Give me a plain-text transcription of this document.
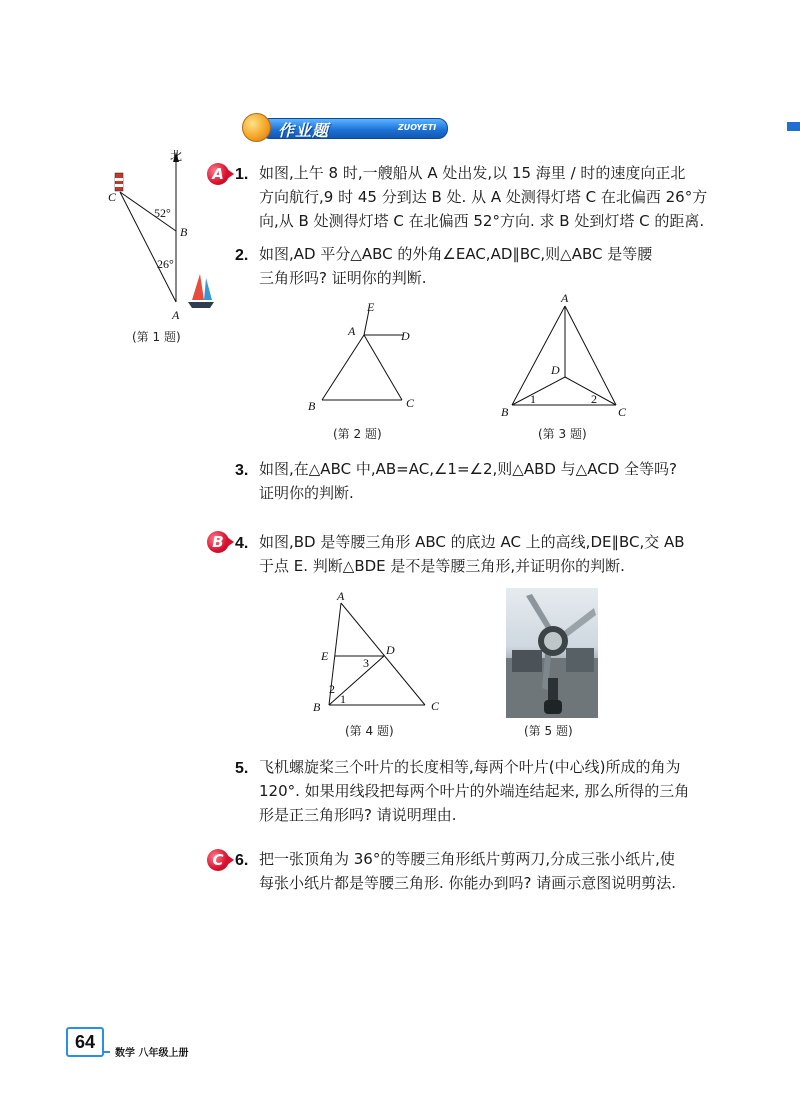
作业题	ZUOYETI
北
C
B
52°
26°
A
(第 1 题)
A 1. 如图,上午 8 时,一艘船从 A 处出发,以 15 海里 / 时的速度向正北
方向航行,9 时 45 分到达 B 处. 从 A 处测得灯塔 C 在北偏西 26°方
向,从 B 处测得灯塔 C 在北偏西 52°方向. 求 B 处到灯塔 C 的距离.
2. 如图,AD 平分△ABC 的外角∠EAC,AD∥BC,则△ABC 是等腰
三角形吗? 证明你的判断.
E
A	D
B	C
(第 2 题)
A
D
B	C
1	2
(第 3 题)
3. 如图,在△ABC 中,AB=AC,∠1=∠2,则△ABD 与△ACD 全等吗?
证明你的判断.
B 4. 如图,BD 是等腰三角形 ABC 的底边 AC 上的高线,DE∥BC,交 AB
于点 E. 判断△BDE 是不是等腰三角形,并证明你的判断.
A
E	D
B	C
1
2
3
(第 4 题)	(第 5 题)
5. 飞机螺旋桨三个叶片的长度相等,每两个叶片(中心线)所成的角为
120°. 如果用线段把每两个叶片的外端连结起来, 那么所得的三角
形是正三角形吗? 请说明理由.
C 6. 把一张顶角为 36°的等腰三角形纸片剪两刀,分成三张小纸片,使
每张小纸片都是等腰三角形. 你能办到吗? 请画示意图说明剪法.
64
数学 八年级上册
